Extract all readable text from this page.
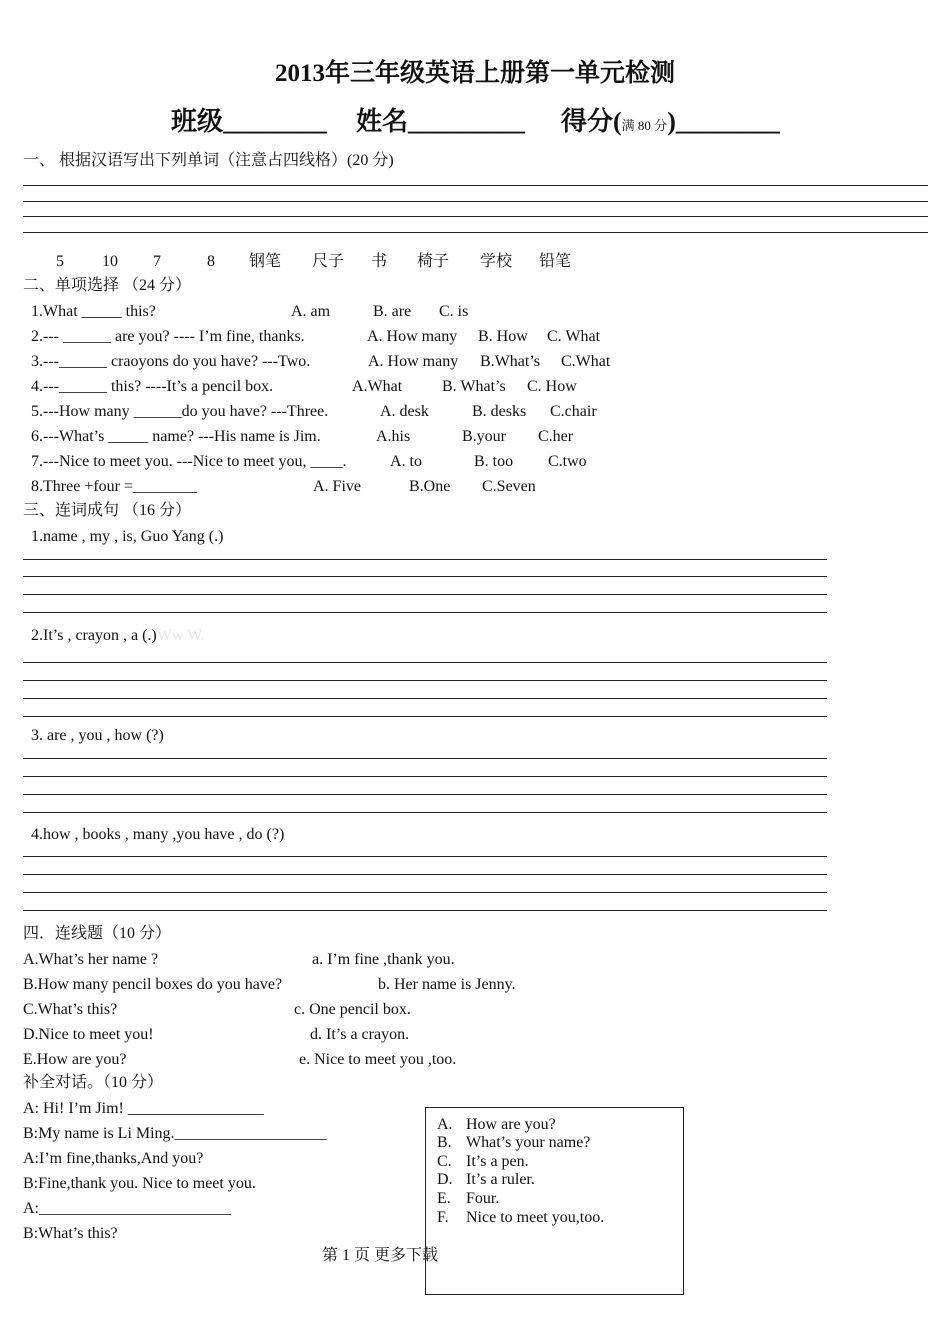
2013年三年级英语上册第一单元检测
班级________ 姓名_________ 得分(满 80 分)________
一、 根据汉语写出下列单词（注意占四线格）(20 分)
5 10 7	8 钢笔 尺子 书 椅子 学校 铅笔
二、单项选择 （24 分）
1.What _____ this?	A. am	B. are C. is
2.--- ______ are you? ---- I’m fine, thanks.	A. How many B. How C. What
3.---______ craoyons do you have? ---Two.	A. How many B.What’s C.What
4.---______ this? ----It’s a pencil box.	A.What B. What’s C. How
5.---How many ______do you have? ---Three.	A. desk	B. desks C.chair
6.---What’s _____ name? ---His name is Jim.	A.his	B.your C.her
7.---Nice to meet you. ---Nice to meet you, ____.	A. to	B. too C.two
8.Three +four =________	A. Five	B.One C.Seven
三、连词成句 （16 分）
1.name , my , is, Guo Yang (.)
2.It’s , crayon , a (.)Ww W.
3. are , you , how (?)
4.how , books , many ,you have , do (?)
四．连线题（10 分）
A.What’s her name ?	a. I’m fine ,thank you.
B.How many pencil boxes do you have?	b. Her name is Jenny.
C.What’s this?	c. One pencil box.
D.Nice to meet you!	d. It’s a crayon.
E.How are you?	e. Nice to meet you ,too.
补全对话。（10 分）
A: Hi! I’m Jim! _________________
B:My name is Li Ming.___________________
A:I’m fine,thanks,And you?
B:Fine,thank you. Nice to meet you.
A:________________________
B:What’s this?
第 1 页 更多下载
A. How are you?
B. What’s your name?
C. It’s a pen.
D. It’s a ruler.
E. Four.
F. Nice to meet you,too.
